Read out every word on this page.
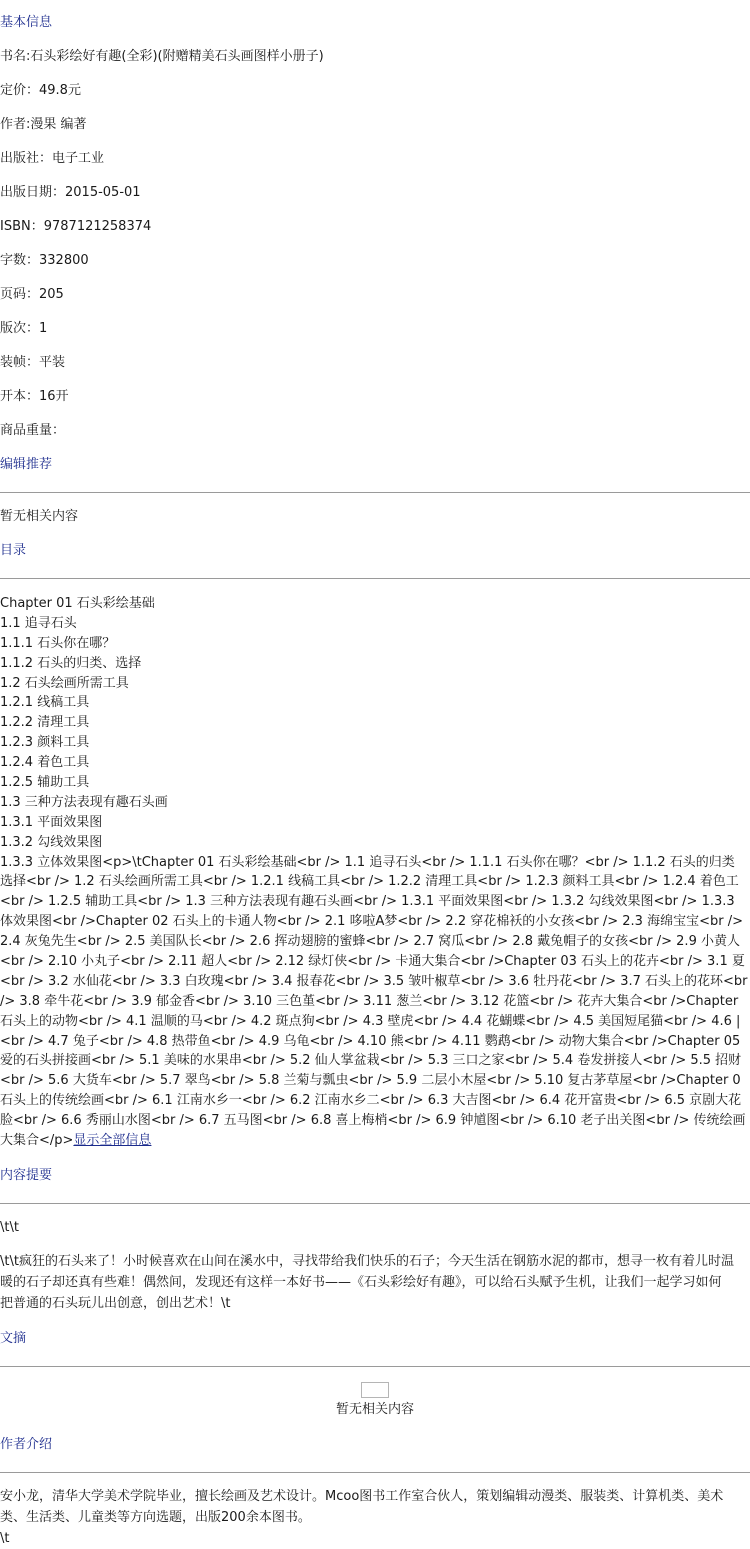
基本信息
书名:石头彩绘好有趣(全彩)(附赠精美石头画图样小册子)
定价：49.8元
作者:漫果 编著
出版社：电子工业
出版日期：2015-05-01
ISBN：9787121258374
字数：332800
页码：205
版次：1
装帧：平装
开本：16开
商品重量：
编辑推荐
暂无相关内容
目录
Chapter 01 石头彩绘基础
1.1 追寻石头
1.1.1 石头你在哪？
1.1.2 石头的归类、选择
1.2 石头绘画所需工具
1.2.1 线稿工具
1.2.2 清理工具
1.2.3 颜料工具
1.2.4 着色工具
1.2.5 辅助工具
1.3 三种方法表现有趣石头画
1.3.1 平面效果图
1.3.2 勾线效果图
1.3.3 立体效果图<p>\tChapter 01 石头彩绘基础<br /> 1.1 追寻石头<br /> 1.1.1 石头你在哪？<br /> 1.1.2 石头的归类
选择<br /> 1.2 石头绘画所需工具<br /> 1.2.1 线稿工具<br /> 1.2.2 清理工具<br /> 1.2.3 颜料工具<br /> 1.2.4 着色工
<br /> 1.2.5 辅助工具<br /> 1.3 三种方法表现有趣石头画<br /> 1.3.1 平面效果图<br /> 1.3.2 勾线效果图<br /> 1.3.3
体效果图<br />Chapter 02 石头上的卡通人物<br /> 2.1 哆啦A梦<br /> 2.2 穿花棉袄的小女孩<br /> 2.3 海绵宝宝<br />
2.4 灰兔先生<br /> 2.5 美国队长<br /> 2.6 挥动翅膀的蜜蜂<br /> 2.7 窝瓜<br /> 2.8 戴兔帽子的女孩<br /> 2.9 小黄人
<br /> 2.10 小丸子<br /> 2.11 超人<br /> 2.12 绿灯侠<br /> 卡通大集合<br />Chapter 03 石头上的花卉<br /> 3.1 夏
<br /> 3.2 水仙花<br /> 3.3 白玫瑰<br /> 3.4 报春花<br /> 3.5 皱叶椒草<br /> 3.6 牡丹花<br /> 3.7 石头上的花环<br
/> 3.8 牵牛花<br /> 3.9 郁金香<br /> 3.10 三色堇<br /> 3.11 葱兰<br /> 3.12 花篮<br /> 花卉大集合<br />Chapter
石头上的动物<br /> 4.1 温顺的马<br /> 4.2 斑点狗<br /> 4.3 壁虎<br /> 4.4 花蝴蝶<br /> 4.5 美国短尾猫<br /> 4.6 |
<br /> 4.7 兔子<br /> 4.8 热带鱼<br /> 4.9 乌龟<br /> 4.10 熊<br /> 4.11 鹦鹉<br /> 动物大集合<br />Chapter 05
爱的石头拼接画<br /> 5.1 美味的水果串<br /> 5.2 仙人掌盆栽<br /> 5.3 三口之家<br /> 5.4 卷发拼接人<br /> 5.5 招财
<br /> 5.6 大货车<br /> 5.7 翠鸟<br /> 5.8 兰菊与瓢虫<br /> 5.9 二层小木屋<br /> 5.10 复古茅草屋<br />Chapter 0
石头上的传统绘画<br /> 6.1 江南水乡一<br /> 6.2 江南水乡二<br /> 6.3 大吉图<br /> 6.4 花开富贵<br /> 6.5 京剧大花
脸<br /> 6.6 秀丽山水图<br /> 6.7 五马图<br /> 6.8 喜上梅梢<br /> 6.9 钟馗图<br /> 6.10 老子出关图<br /> 传统绘画
大集合</p>显示全部信息
内容提要
\t\t
\t\t疯狂的石头来了！小时候喜欢在山间在溪水中，寻找带给我们快乐的石子；今天生活在钢筋水泥的都市，想寻一枚有着儿时温
暖的石子却还真有些难！偶然间，发现还有这样一本好书——《石头彩绘好有趣》，可以给石头赋予生机，让我们一起学习如何
把普通的石头玩儿出创意，创出艺术！\t
文摘
暂无相关内容
作者介绍
安小龙，清华大学美术学院毕业，擅长绘画及艺术设计。Mcoo图书工作室合伙人，策划编辑动漫类、服装类、计算机类、美术
类、生活类、儿童类等方向选题，出版200余本图书。
\t
